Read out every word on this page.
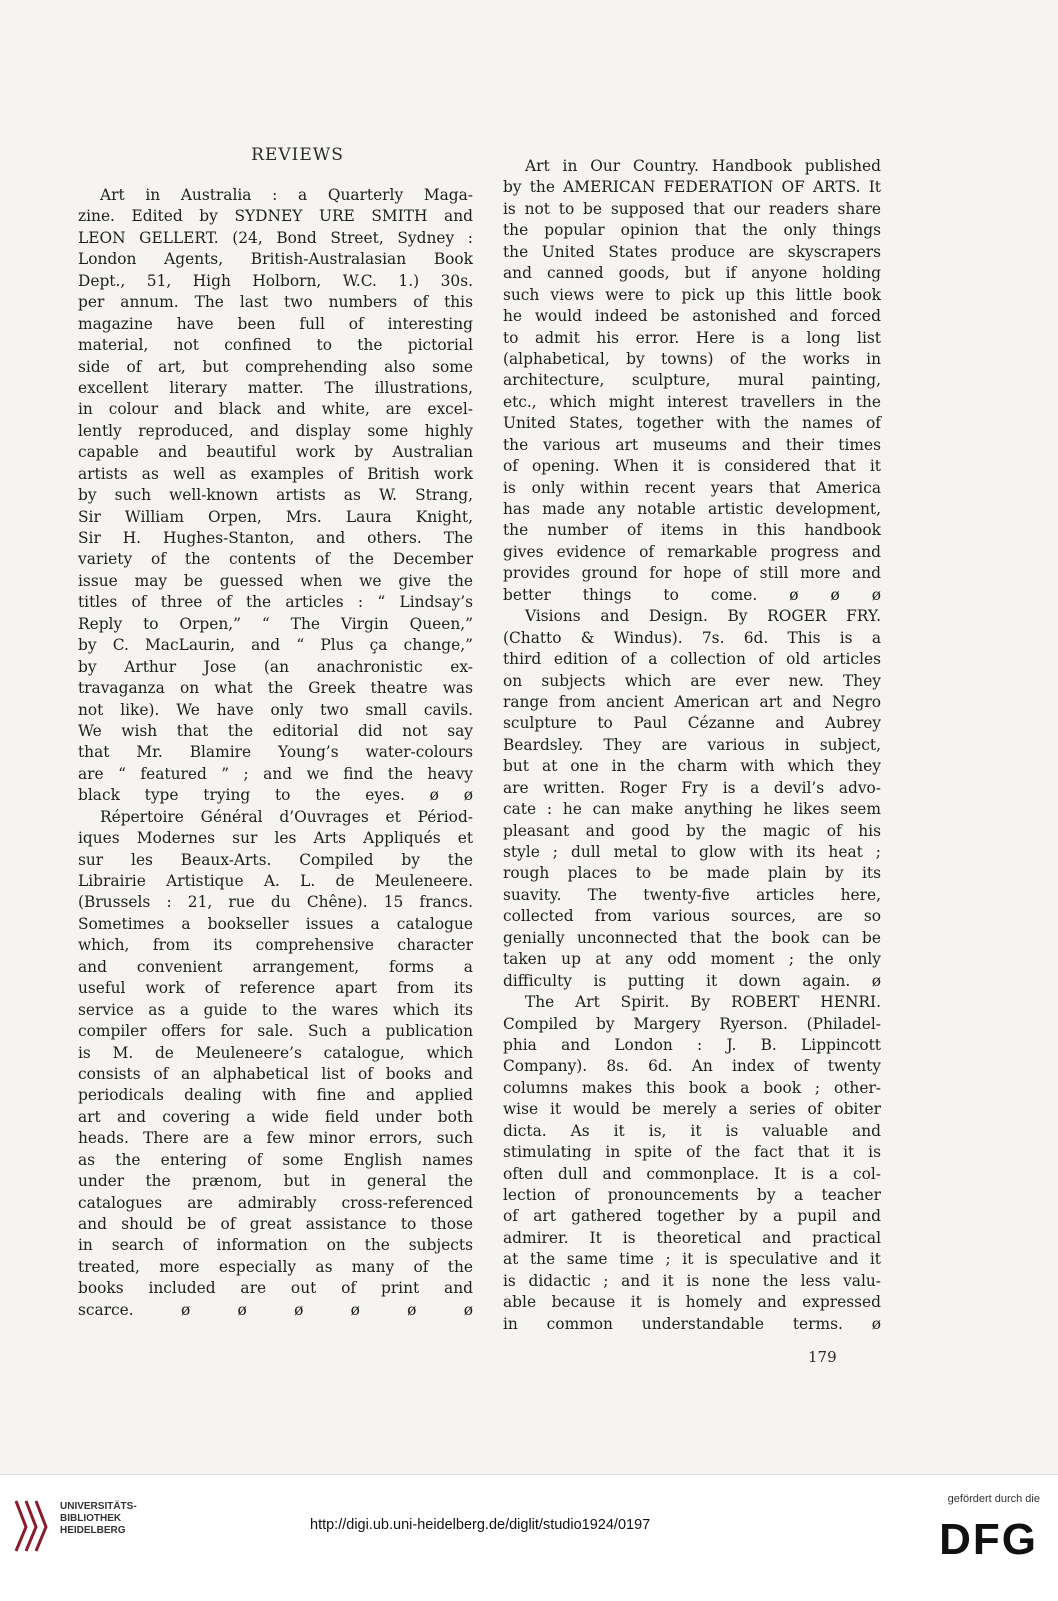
REVIEWS
Art in Australia : a Quarterly Maga-
zine. Edited by SYDNEY URE SMITH and
LEON GELLERT. (24, Bond Street, Sydney :
London Agents, British-Australasian Book
Dept., 51, High Holborn, W.C. 1.) 30s.
per annum. The last two numbers of this
magazine have been full of interesting
material, not confined to the pictorial
side of art, but comprehending also some
excellent literary matter. The illustrations,
in colour and black and white, are excel-
lently reproduced, and display some highly
capable and beautiful work by Australian
artists as well as examples of British work
by such well-known artists as W. Strang,
Sir William Orpen, Mrs. Laura Knight,
Sir H. Hughes-Stanton, and others. The
variety of the contents of the December
issue may be guessed when we give the
titles of three of the articles : “ Lindsay’s
Reply to Orpen,” “ The Virgin Queen,”
by C. MacLaurin, and “ Plus ça change,”
by Arthur Jose (an anachronistic ex-
travaganza on what the Greek theatre was
not like). We have only two small cavils.
We wish that the editorial did not say
that Mr. Blamire Young’s water-colours
are “ featured ” ; and we find the heavy
black type trying to the eyes. ø ø
Répertoire Général d’Ouvrages et Périod-
iques Modernes sur les Arts Appliqués et
sur les Beaux-Arts. Compiled by the
Librairie Artistique A. L. de Meuleneere.
(Brussels : 21, rue du Chêne). 15 francs.
Sometimes a bookseller issues a catalogue
which, from its comprehensive character
and convenient arrangement, forms a
useful work of reference apart from its
service as a guide to the wares which its
compiler offers for sale. Such a publication
is M. de Meuleneere’s catalogue, which
consists of an alphabetical list of books and
periodicals dealing with fine and applied
art and covering a wide field under both
heads. There are a few minor errors, such
as the entering of some English names
under the prænom, but in general the
catalogues are admirably cross-referenced
and should be of great assistance to those
in search of information on the subjects
treated, more especially as many of the
books included are out of print and
scarce. ø ø ø ø ø ø
Art in Our Country. Handbook published
by the AMERICAN FEDERATION OF ARTS. It
is not to be supposed that our readers share
the popular opinion that the only things
the United States produce are skyscrapers
and canned goods, but if anyone holding
such views were to pick up this little book
he would indeed be astonished and forced
to admit his error. Here is a long list
(alphabetical, by towns) of the works in
architecture, sculpture, mural painting,
etc., which might interest travellers in the
United States, together with the names of
the various art museums and their times
of opening. When it is considered that it
is only within recent years that America
has made any notable artistic development,
the number of items in this handbook
gives evidence of remarkable progress and
provides ground for hope of still more and
better things to come. ø ø ø
Visions and Design. By ROGER FRY.
(Chatto & Windus). 7s. 6d. This is a
third edition of a collection of old articles
on subjects which are ever new. They
range from ancient American art and Negro
sculpture to Paul Cézanne and Aubrey
Beardsley. They are various in subject,
but at one in the charm with which they
are written. Roger Fry is a devil’s advo-
cate : he can make anything he likes seem
pleasant and good by the magic of his
style ; dull metal to glow with its heat ;
rough places to be made plain by its
suavity. The twenty-five articles here,
collected from various sources, are so
genially unconnected that the book can be
taken up at any odd moment ; the only
difficulty is putting it down again. ø
The Art Spirit. By ROBERT HENRI.
Compiled by Margery Ryerson. (Philadel-
phia and London : J. B. Lippincott
Company). 8s. 6d. An index of twenty
columns makes this book a book ; other-
wise it would be merely a series of obiter
dicta. As it is, it is valuable and
stimulating in spite of the fact that it is
often dull and commonplace. It is a col-
lection of pronouncements by a teacher
of art gathered together by a pupil and
admirer. It is theoretical and practical
at the same time ; it is speculative and it
is didactic ; and it is none the less valu-
able because it is homely and expressed
in common understandable terms. ø
179
UNIVERSITÄTS-
BIBLIOTHEK
HEIDELBERG	http://digi.ub.uni-heidelberg.de/diglit/studio1924/0197
gefördert durch die
DFG
